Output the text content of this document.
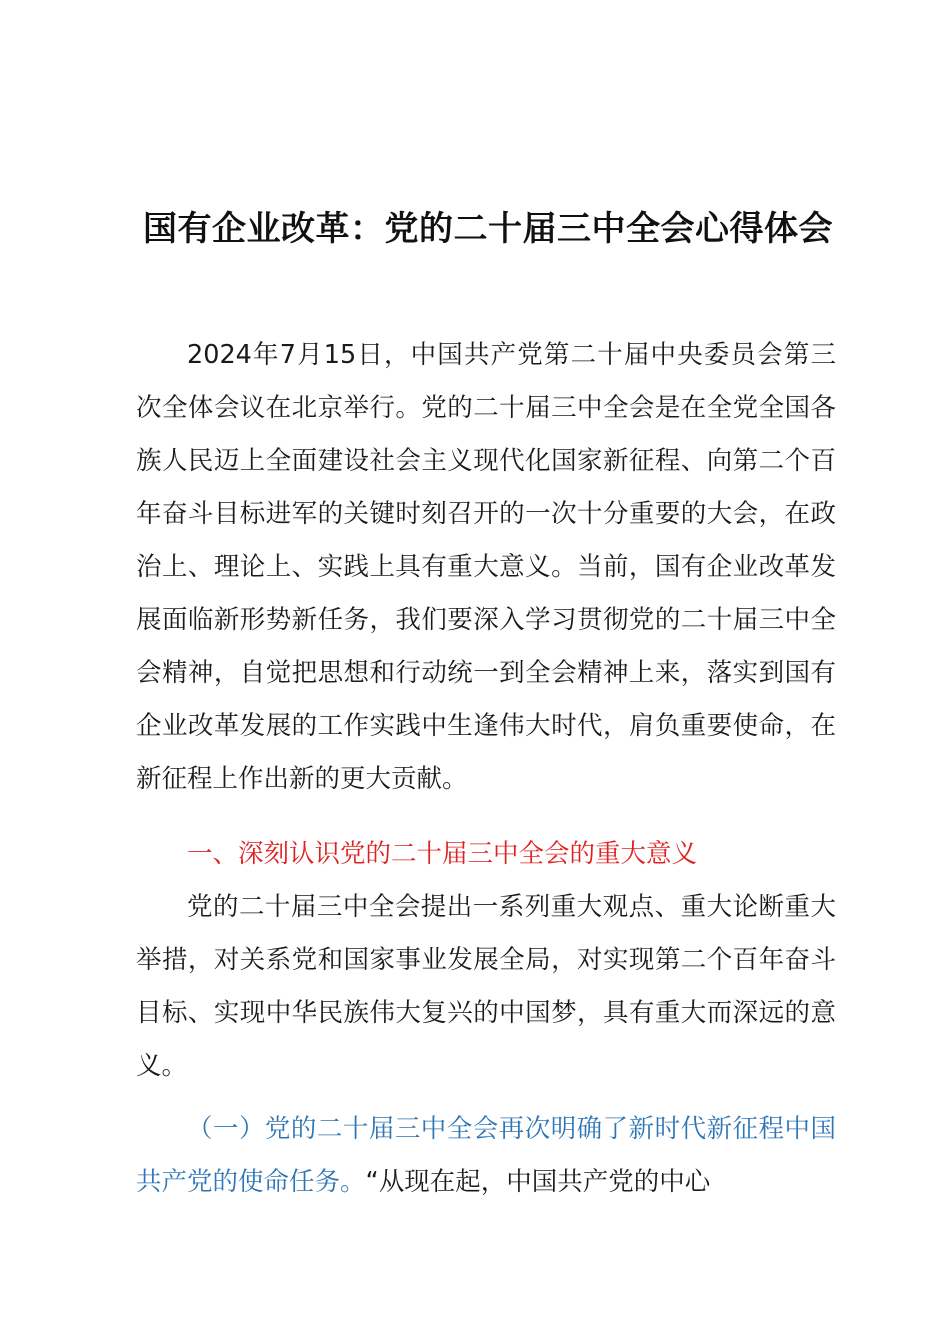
国有企业改革：党的二十届三中全会心得体会

2024年7月15日，中国共产党第二十届中央委员会第三次全体会议在北京举行。党的二十届三中全会是在全党全国各族人民迈上全面建设社会主义现代化国家新征程、向第二个百年奋斗目标进军的关键时刻召开的一次十分重要的大会，在政治上、理论上、实践上具有重大意义。当前，国有企业改革发展面临新形势新任务，我们要深入学习贯彻党的二十届三中全会精神，自觉把思想和行动统一到全会精神上来，落实到国有企业改革发展的工作实践中生逢伟大时代，肩负重要使命，在新征程上作出新的更大贡献。

一、深刻认识党的二十届三中全会的重大意义

党的二十届三中全会提出一系列重大观点、重大论断重大举措，对关系党和国家事业发展全局，对实现第二个百年奋斗目标、实现中华民族伟大复兴的中国梦，具有重大而深远的意义。

（一）党的二十届三中全会再次明确了新时代新征程中国共产党的使命任务。“从现在起，中国共产党的中心
